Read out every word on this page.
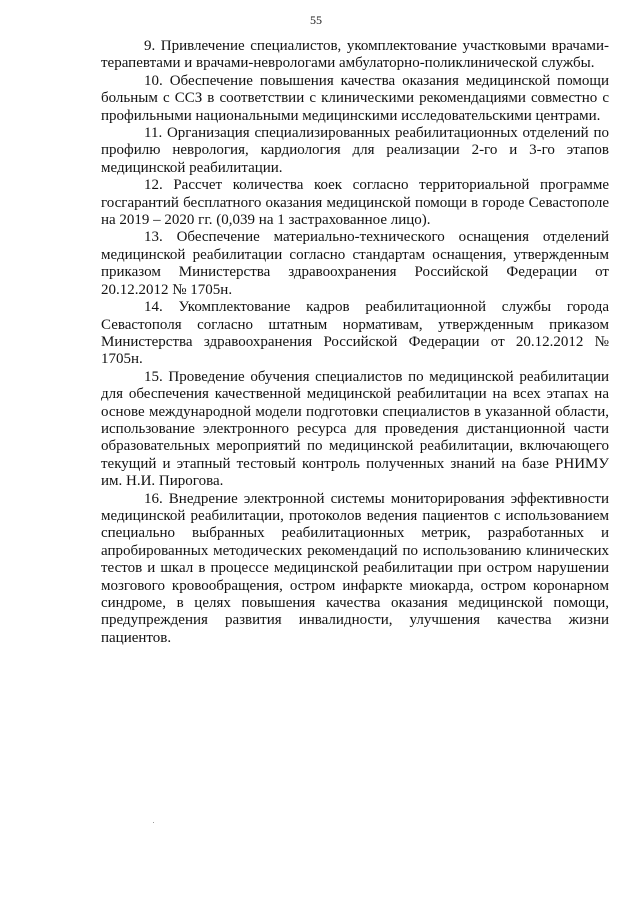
55

9. Привлечение специалистов, укомплектование участковыми врачами-терапевтами и врачами-неврологами амбулаторно-поликлинической службы.

10. Обеспечение повышения качества оказания медицинской помощи больным с ССЗ в соответствии с клиническими рекомендациями совместно с профильными национальными медицинскими исследовательскими центрами.

11. Организация специализированных реабилитационных отделений по профилю неврология, кардиология для реализации 2-го и 3-го этапов медицинской реабилитации.

12. Рассчет количества коек согласно территориальной программе госгарантий бесплатного оказания медицинской помощи в городе Севастополе на 2019 – 2020 гг. (0,039 на 1 застрахованное лицо).

13. Обеспечение материально-технического оснащения отделений медицинской реабилитации согласно стандартам оснащения, утвержденным приказом Министерства здравоохранения Российской Федерации от 20.12.2012 № 1705н.

14. Укомплектование кадров реабилитационной службы города Севастополя согласно штатным нормативам, утвержденным приказом Министерства здравоохранения Российской Федерации от 20.12.2012 № 1705н.

15. Проведение обучения специалистов по медицинской реабилитации для обеспечения качественной медицинской реабилитации на всех этапах на основе международной модели подготовки специалистов в указанной области, использование электронного ресурса для проведения дистанционной части образовательных мероприятий по медицинской реабилитации, включающего текущий и этапный тестовый контроль полученных знаний на базе РНИМУ им. Н.И. Пирогова.

16. Внедрение электронной системы мониторирования эффективности медицинской реабилитации, протоколов ведения пациентов с использованием специально выбранных реабилитационных метрик, разработанных и апробированных методических рекомендаций по использованию клинических тестов и шкал в процессе медицинской реабилитации при остром нарушении мозгового кровообращения, остром инфаркте миокарда, остром коронарном синдроме, в целях повышения качества оказания медицинской помощи, предупреждения развития инвалидности, улучшения качества жизни пациентов.
